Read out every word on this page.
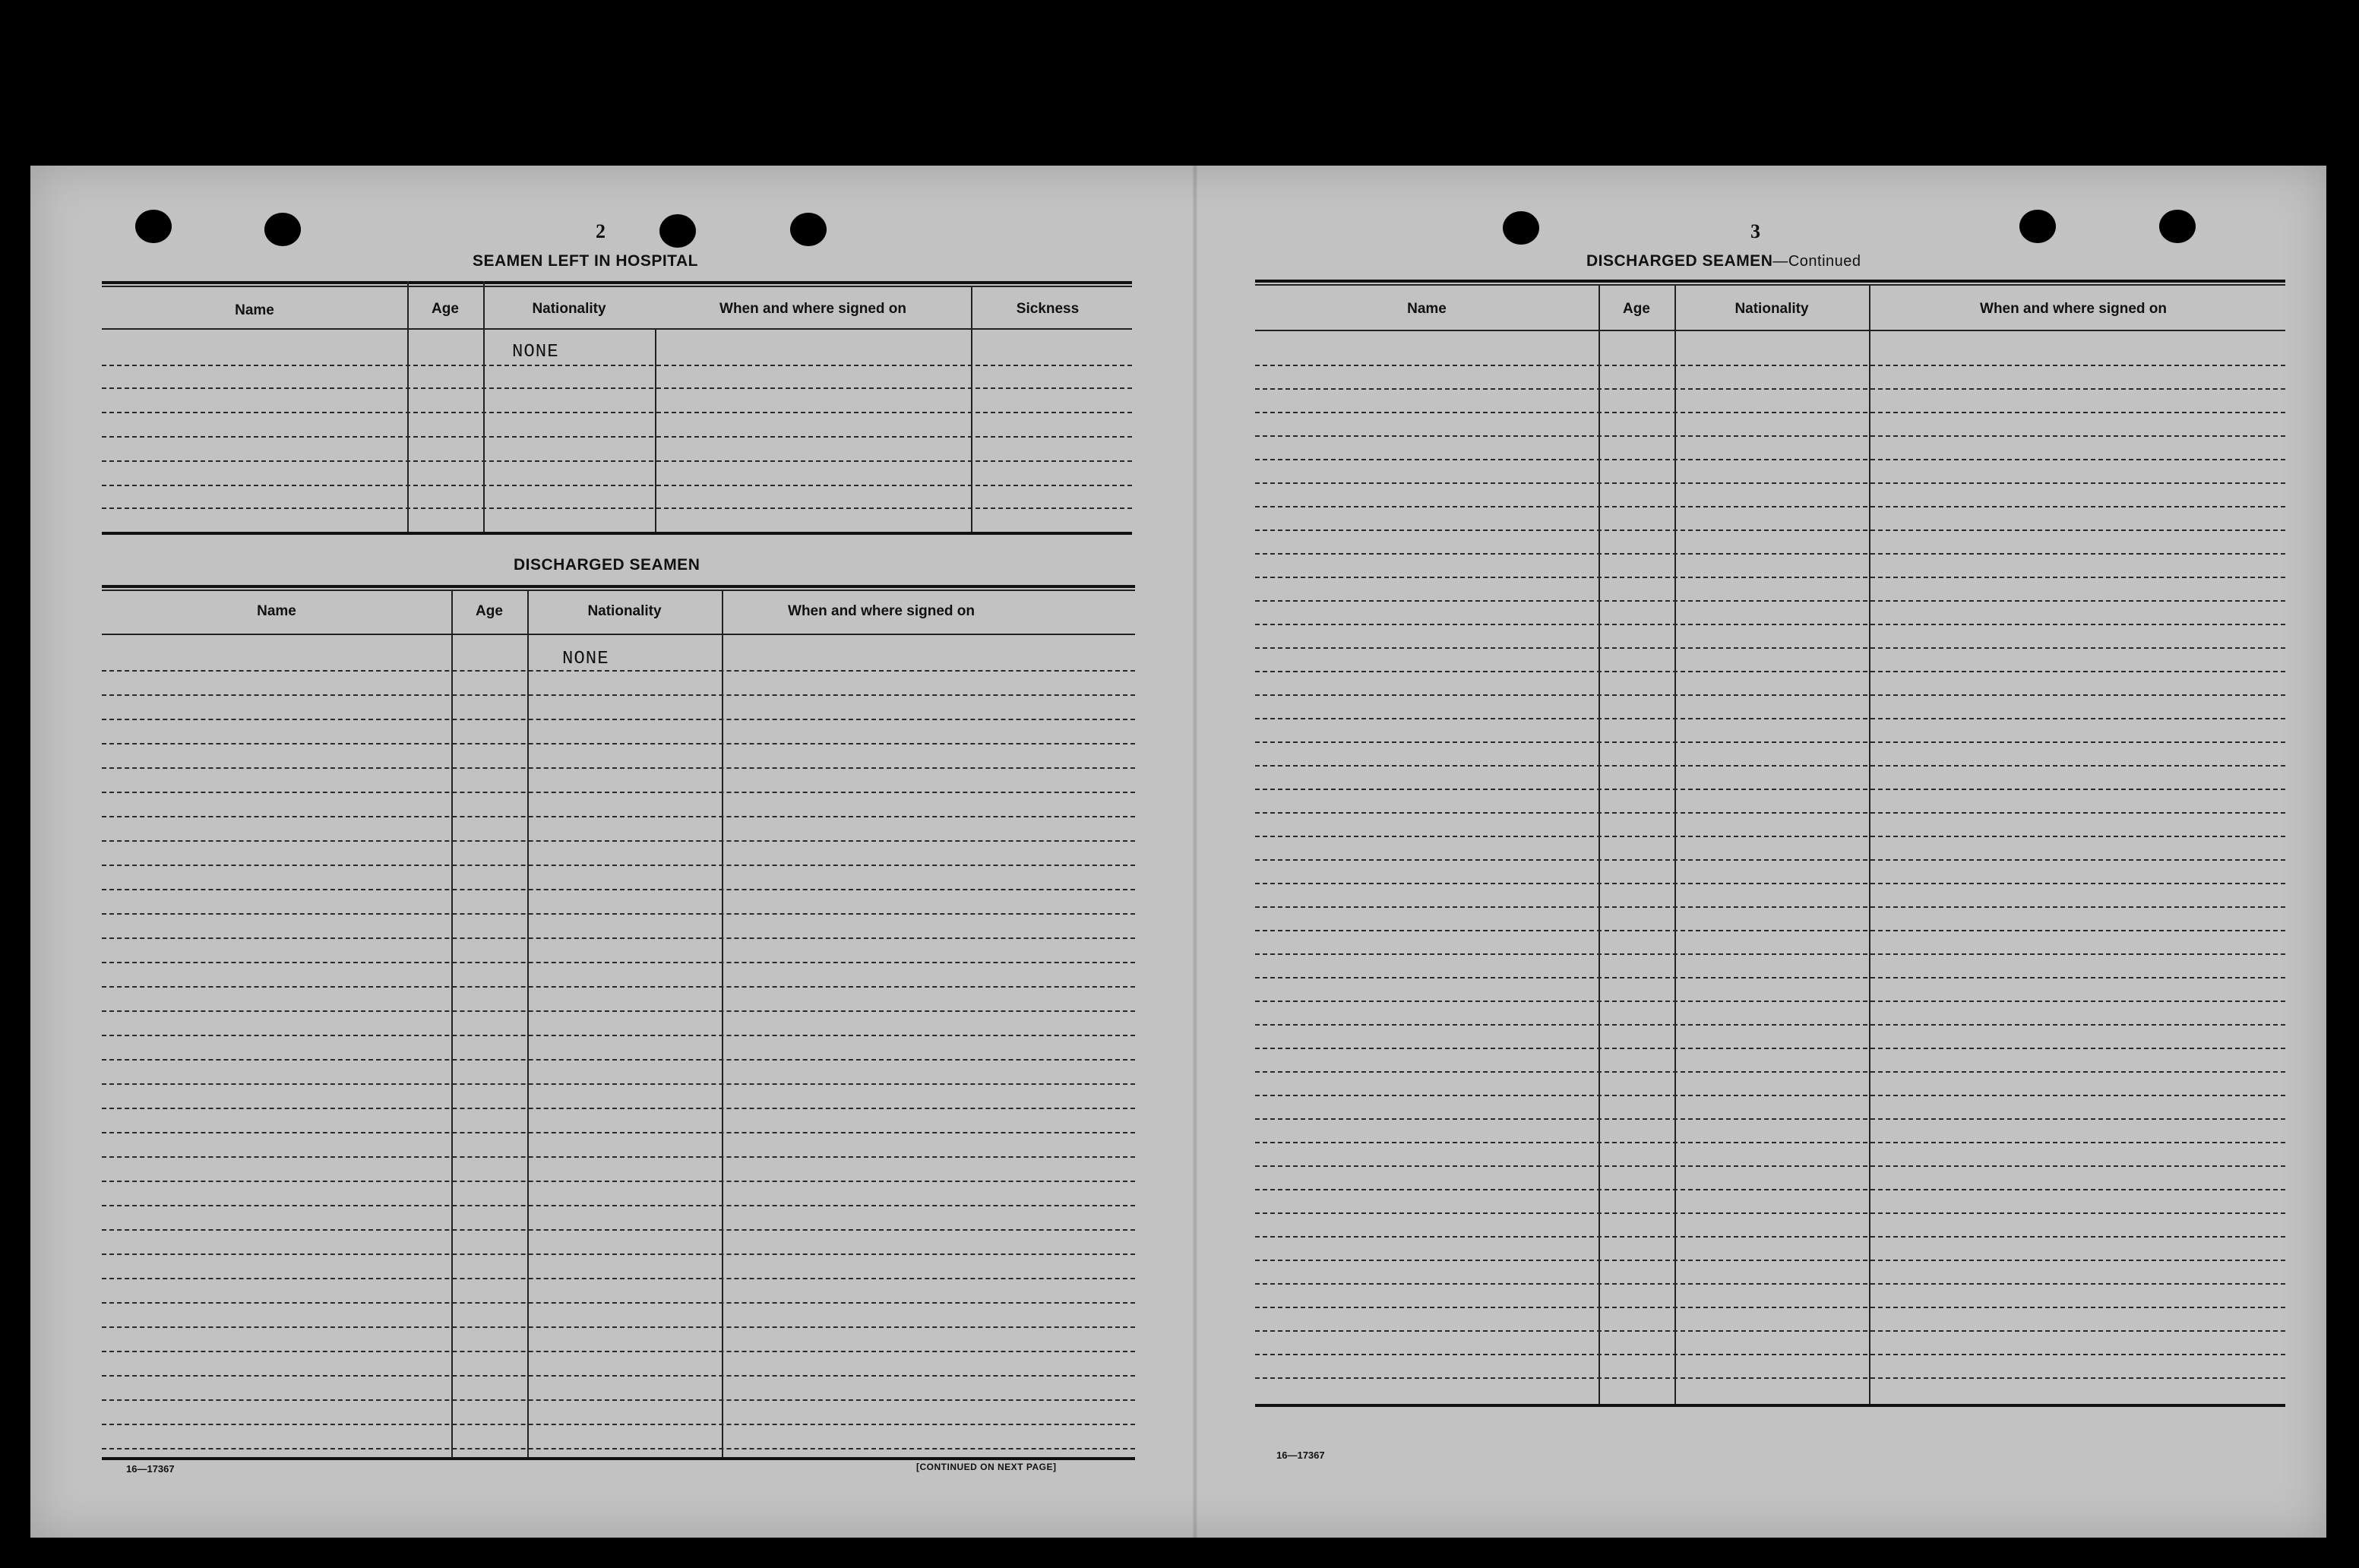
2
SEAMEN LEFT IN HOSPITAL
Name	Age	Nationality	When and where signed on	Sickness
NONE
DISCHARGED SEAMEN
Name	Age	Nationality	When and where signed on
NONE
16—17367	[CONTINUED ON NEXT PAGE]
3
DISCHARGED SEAMEN—Continued
Name	Age	Nationality	When and where signed on
16—17367
